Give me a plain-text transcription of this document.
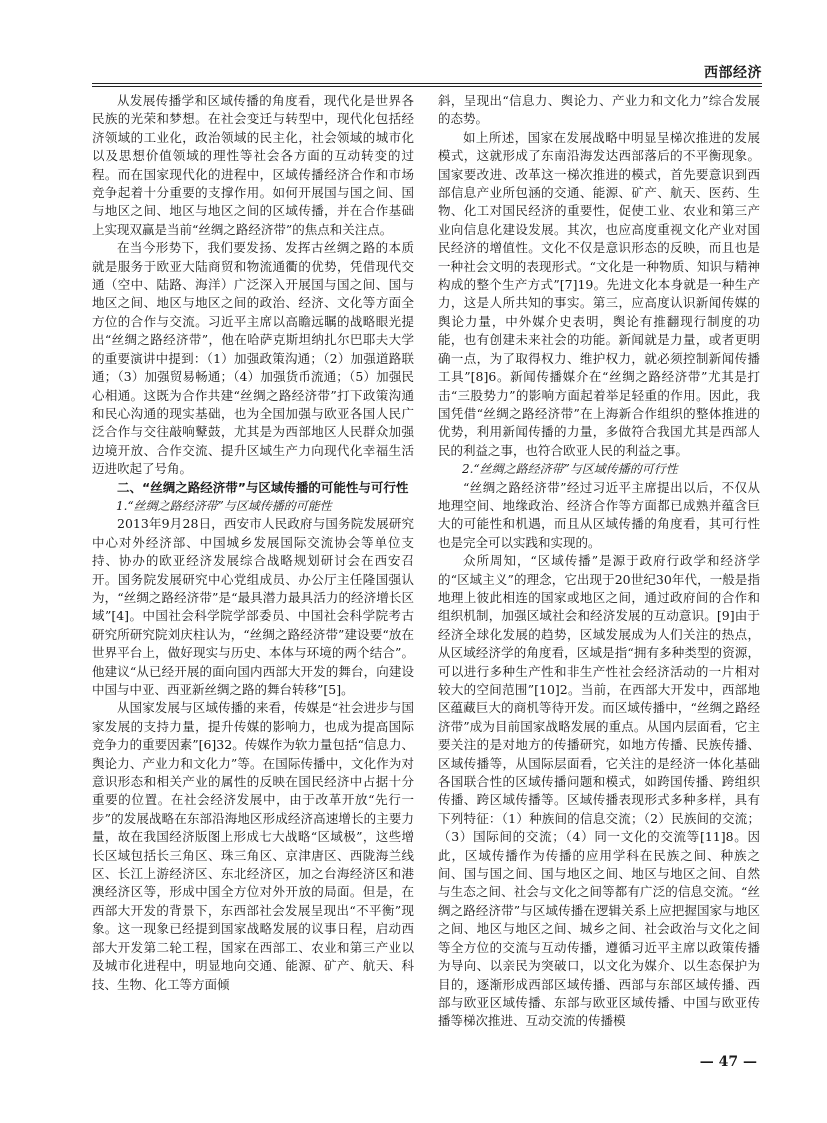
西部经济

从发展传播学和区域传播的角度看，现代化是世界各民族的光荣和梦想。在社会变迁与转型中，现代化包括经济领域的工业化，政治领域的民主化，社会领域的城市化以及思想价值领域的理性等社会各方面的互动转变的过程。而在国家现代化的进程中，区域传播经济合作和市场竞争起着十分重要的支撑作用。如何开展国与国之间、国与地区之间、地区与地区之间的区域传播，并在合作基础上实现双赢是当前“丝绸之路经济带”的焦点和关注点。

在当今形势下，我们要发扬、发挥古丝绸之路的本质就是服务于欧亚大陆商贸和物流通衢的优势，凭借现代交通（空中、陆路、海洋）广泛深入开展国与国之间、国与地区之间、地区与地区之间的政治、经济、文化等方面全方位的合作与交流。习近平主席以高瞻远瞩的战略眼光提出“丝绸之路经济带”，他在哈萨克斯坦纳扎尔巴耶夫大学的重要演讲中提到：（1）加强政策沟通；（2）加强道路联通；（3）加强贸易畅通；（4）加强货币流通；（5）加强民心相通。这既为合作共建“丝绸之路经济带”打下政策沟通和民心沟通的现实基础，也为全国加强与欧亚各国人民广泛合作与交往敲响鼙鼓，尤其是为西部地区人民群众加强边境开放、合作交流、提升区域生产力向现代化幸福生活迈进吹起了号角。

二、“丝绸之路经济带”与区域传播的可能性与可行性
1.“丝绸之路经济带”与区域传播的可能性

2013年9月28日，西安市人民政府与国务院发展研究中心对外经济部、中国城乡发展国际交流协会等单位支持、协办的欧亚经济发展综合战略规划研讨会在西安召开。国务院发展研究中心党组成员、办公厅主任隆国强认为，“丝绸之路经济带”是“最具潜力最具活力的经济增长区域”[4]。中国社会科学院学部委员、中国社会科学院考古研究所研究院刘庆柱认为，“丝绸之路经济带”建设要“放在世界平台上，做好现实与历史、本体与环境的两个结合”。他建议“从已经开展的面向国内西部大开发的舞台，向建设中国与中亚、西亚新丝绸之路的舞台转移”[5]。

从国家发展与区域传播的来看，传媒是“社会进步与国家发展的支持力量，提升传媒的影响力，也成为提高国际竞争力的重要因素”[6]32。传媒作为软力量包括“信息力、舆论力、产业力和文化力”等。在国际传播中，文化作为对意识形态和相关产业的属性的反映在国民经济中占据十分重要的位置。在社会经济发展中，由于改革开放“先行一步”的发展战略在东部沿海地区形成经济高速增长的主要力量，故在我国经济版图上形成七大战略“区域极”，这些增长区域包括长三角区、珠三角区、京津唐区、西陇海兰线区、长江上游经济区、东北经济区，加之台海经济区和港澳经济区等，形成中国全方位对外开放的局面。但是，在西部大开发的背景下，东西部社会发展呈现出“不平衡”现象。这一现象已经提到国家战略发展的议事日程，启动西部大开发第二轮工程，国家在西部工、农业和第三产业以及城市化进程中，明显地向交通、能源、矿产、航天、科技、生物、化工等方面倾

斜，呈现出“信息力、舆论力、产业力和文化力”综合发展的态势。

如上所述，国家在发展战略中明显呈梯次推进的发展模式，这就形成了东南沿海发达西部落后的不平衡现象。国家要改进、改革这一梯次推进的模式，首先要意识到西部信息产业所包涵的交通、能源、矿产、航天、医药、生物、化工对国民经济的重要性，促使工业、农业和第三产业向信息化建设发展。其次，也应高度重视文化产业对国民经济的增值性。文化不仅是意识形态的反映，而且也是一种社会文明的表现形式。“文化是一种物质、知识与精神构成的整个生产方式”[7]19。先进文化本身就是一种生产力，这是人所共知的事实。第三，应高度认识新闻传媒的舆论力量，中外媒介史表明，舆论有推翻现行制度的功能，也有创建未来社会的功能。新闻就是力量，或者更明确一点，为了取得权力、维护权力，就必须控制新闻传播工具”[8]6。新闻传播媒介在“丝绸之路经济带”尤其是打击“三股势力”的影响方面起着举足轻重的作用。因此，我国凭借“丝绸之路经济带”在上海新合作组织的整体推进的优势，利用新闻传播的力量，多做符合我国尤其是西部人民的利益之事，也符合欧亚人民的利益之事。

2.“丝绸之路经济带”与区域传播的可行性

“丝绸之路经济带”经过习近平主席提出以后，不仅从地理空间、地缘政治、经济合作等方面都已成熟并蕴含巨大的可能性和机遇，而且从区域传播的角度看，其可行性也是完全可以实践和实现的。

众所周知，“区域传播”是源于政府行政学和经济学的“区域主义”的理念，它出现于20世纪30年代，一般是指地理上彼此相连的国家或地区之间，通过政府间的合作和组织机制，加强区域社会和经济发展的互动意识。[9]由于经济全球化发展的趋势，区域发展成为人们关注的热点，从区域经济学的角度看，区域是指“拥有多种类型的资源，可以进行多种生产性和非生产性社会经济活动的一片相对较大的空间范围”[10]2。当前，在西部大开发中，西部地区蕴藏巨大的商机等待开发。而区域传播中，“丝绸之路经济带”成为目前国家战略发展的重点。从国内层面看，它主要关注的是对地方的传播研究，如地方传播、民族传播、区域传播等，从国际层面看，它关注的是经济一体化基础各国联合性的区域传播问题和模式，如跨国传播、跨组织传播、跨区域传播等。区域传播表现形式多种多样，具有下列特征：（1）种族间的信息交流；（2）民族间的交流；（3）国际间的交流；（4）同一文化的交流等[11]8。因此，区域传播作为传播的应用学科在民族之间、种族之间、国与国之间、国与地区之间、地区与地区之间、自然与生态之间、社会与文化之间等都有广泛的信息交流。“丝绸之路经济带”与区域传播在逻辑关系上应把握国家与地区之间、地区与地区之间、城乡之间、社会政治与文化之间等全方位的交流与互动传播，遵循习近平主席以政策传播为导向、以亲民为突破口，以文化为媒介、以生态保护为目的，逐渐形成西部区域传播、西部与东部区域传播、西部与欧亚区域传播、东部与欧亚区域传播、中国与欧亚传播等梯次推进、互动交流的传播模

— 47 —
